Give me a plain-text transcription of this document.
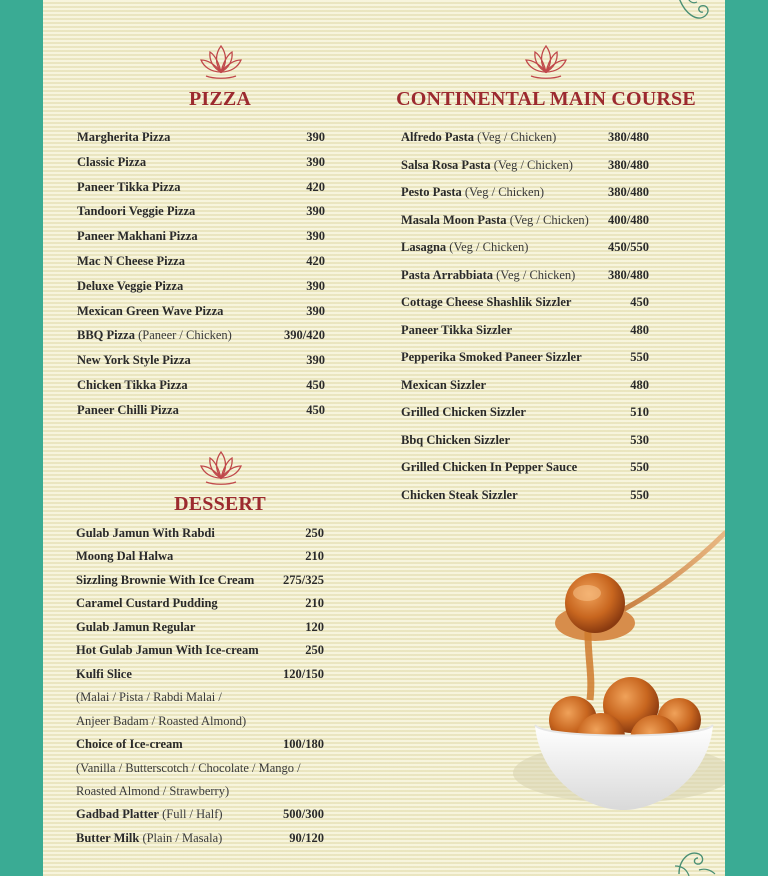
PIZZA	CONTINENTAL MAIN COURSE
DESSERT
Margherita Pizza	390
Classic Pizza	390
Paneer Tikka Pizza	420
Tandoori Veggie Pizza	390
Paneer Makhani Pizza	390
Mac N Cheese Pizza	420
Deluxe Veggie Pizza	390
Mexican Green Wave Pizza	390
BBQ Pizza (Paneer / Chicken)	390/420
New York Style Pizza	390
Chicken Tikka Pizza	450
Paneer Chilli Pizza	450
Gulab Jamun With Rabdi	250
Moong Dal Halwa	210
Sizzling Brownie With Ice Cream	275/325
Caramel Custard Pudding	210
Gulab Jamun Regular	120
Hot Gulab Jamun With Ice-cream	250
Kulfi Slice	120/150
(Malai / Pista / Rabdi Malai /
Anjeer Badam / Roasted Almond)
Choice of Ice-cream	100/180
(Vanilla / Butterscotch / Chocolate / Mango /
Roasted Almond / Strawberry)
Gadbad Platter (Full / Half)	500/300
Butter Milk (Plain / Masala)	90/120
Alfredo Pasta (Veg / Chicken)	380/480
Salsa Rosa Pasta (Veg / Chicken)	380/480
Pesto Pasta (Veg / Chicken)	380/480
Masala Moon Pasta (Veg / Chicken)	400/480
Lasagna (Veg / Chicken)	450/550
Pasta Arrabbiata (Veg / Chicken)	380/480
Cottage Cheese Shashlik Sizzler	450
Paneer Tikka Sizzler	480
Pepperika Smoked Paneer Sizzler	550
Mexican Sizzler	480
Grilled Chicken Sizzler	510
Bbq Chicken Sizzler	530
Grilled Chicken In Pepper Sauce	550
Chicken Steak Sizzler	550
